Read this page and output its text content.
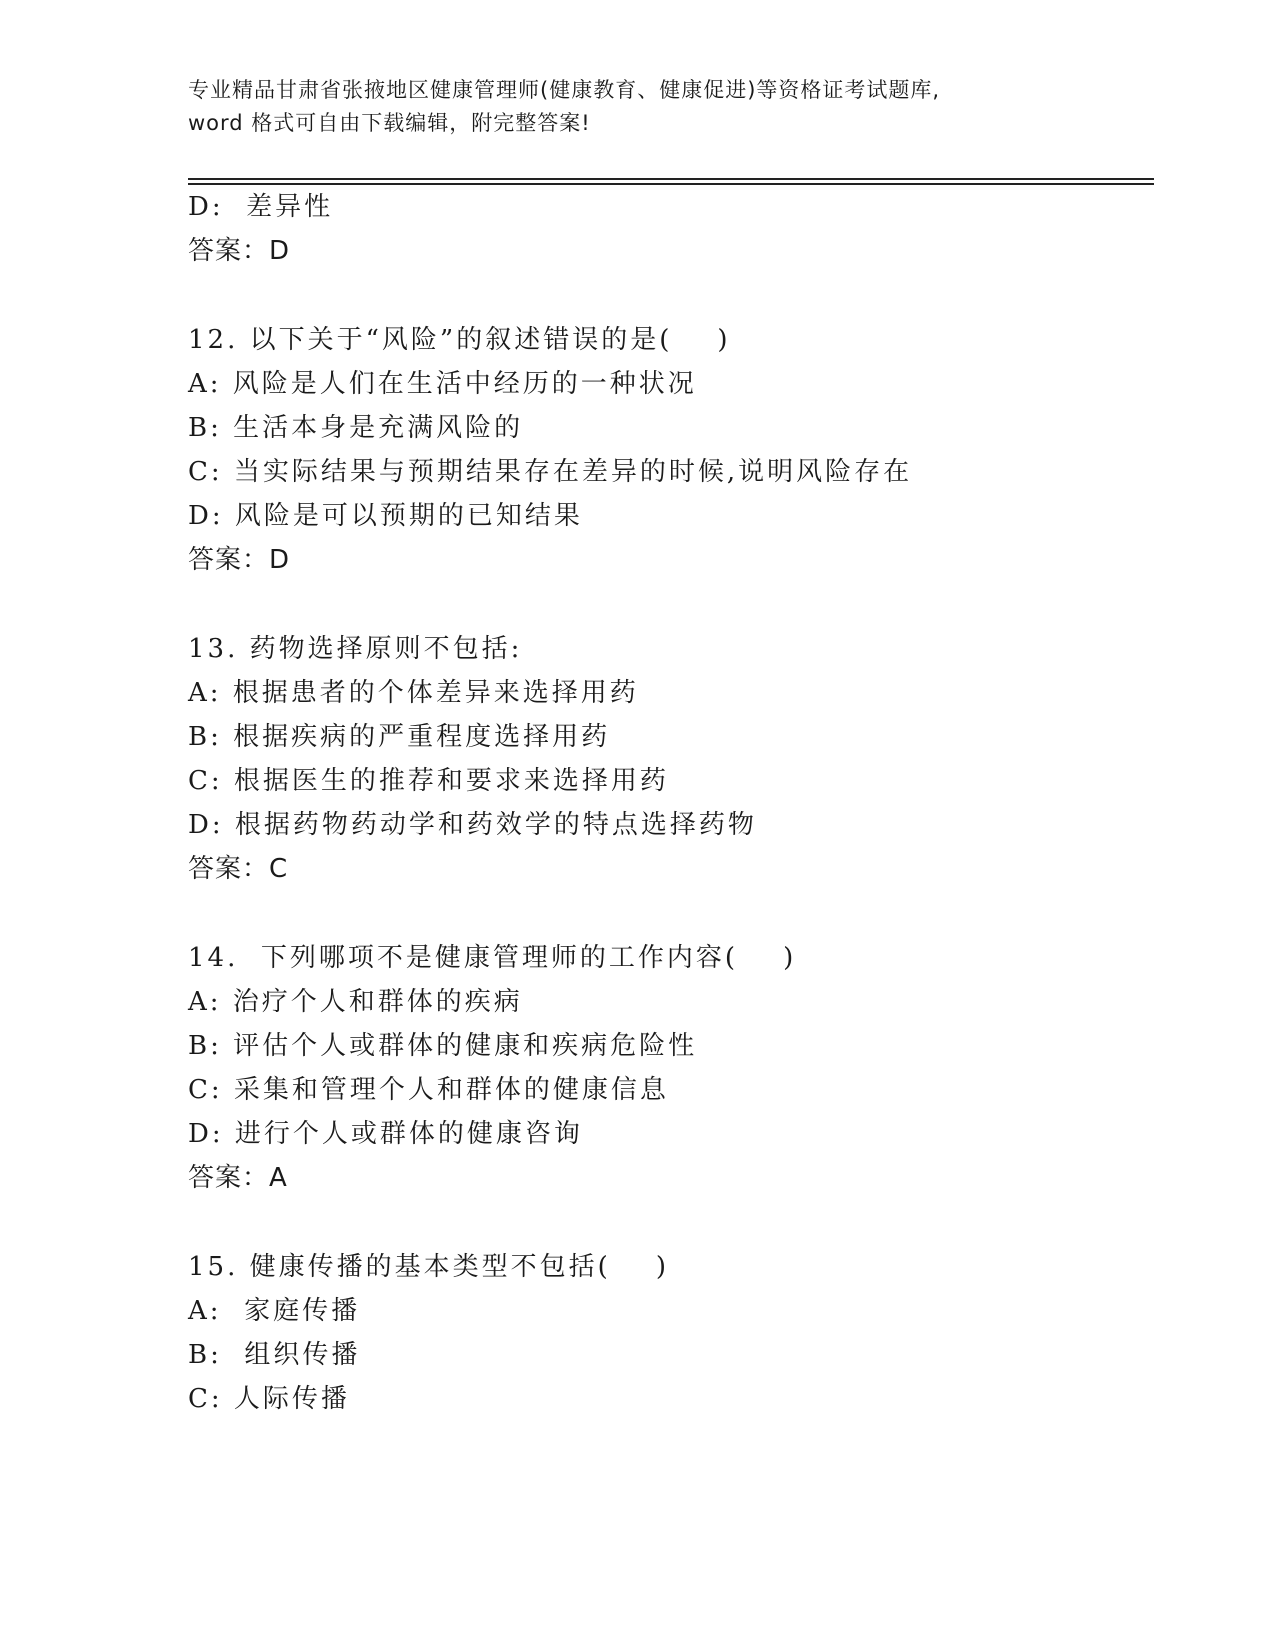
专业精品甘肃省张掖地区健康管理师(健康教育、健康促进)等资格证考试题库,
word 格式可自由下载编辑，附完整答案!
D:  差异性
答案：D
12. 以下关于“风险”的叙述错误的是(    )
A: 风险是人们在生活中经历的一种状况
B: 生活本身是充满风险的
C: 当实际结果与预期结果存在差异的时候,说明风险存在
D: 风险是可以预期的已知结果
答案：D
13. 药物选择原则不包括:
A: 根据患者的个体差异来选择用药
B: 根据疾病的严重程度选择用药
C: 根据医生的推荐和要求来选择用药
D: 根据药物药动学和药效学的特点选择药物
答案：C
14.  下列哪项不是健康管理师的工作内容(    )
A: 治疗个人和群体的疾病
B: 评估个人或群体的健康和疾病危险性
C: 采集和管理个人和群体的健康信息
D: 进行个人或群体的健康咨询
答案：A
15. 健康传播的基本类型不包括(    )
A:  家庭传播
B:  组织传播
C: 人际传播
